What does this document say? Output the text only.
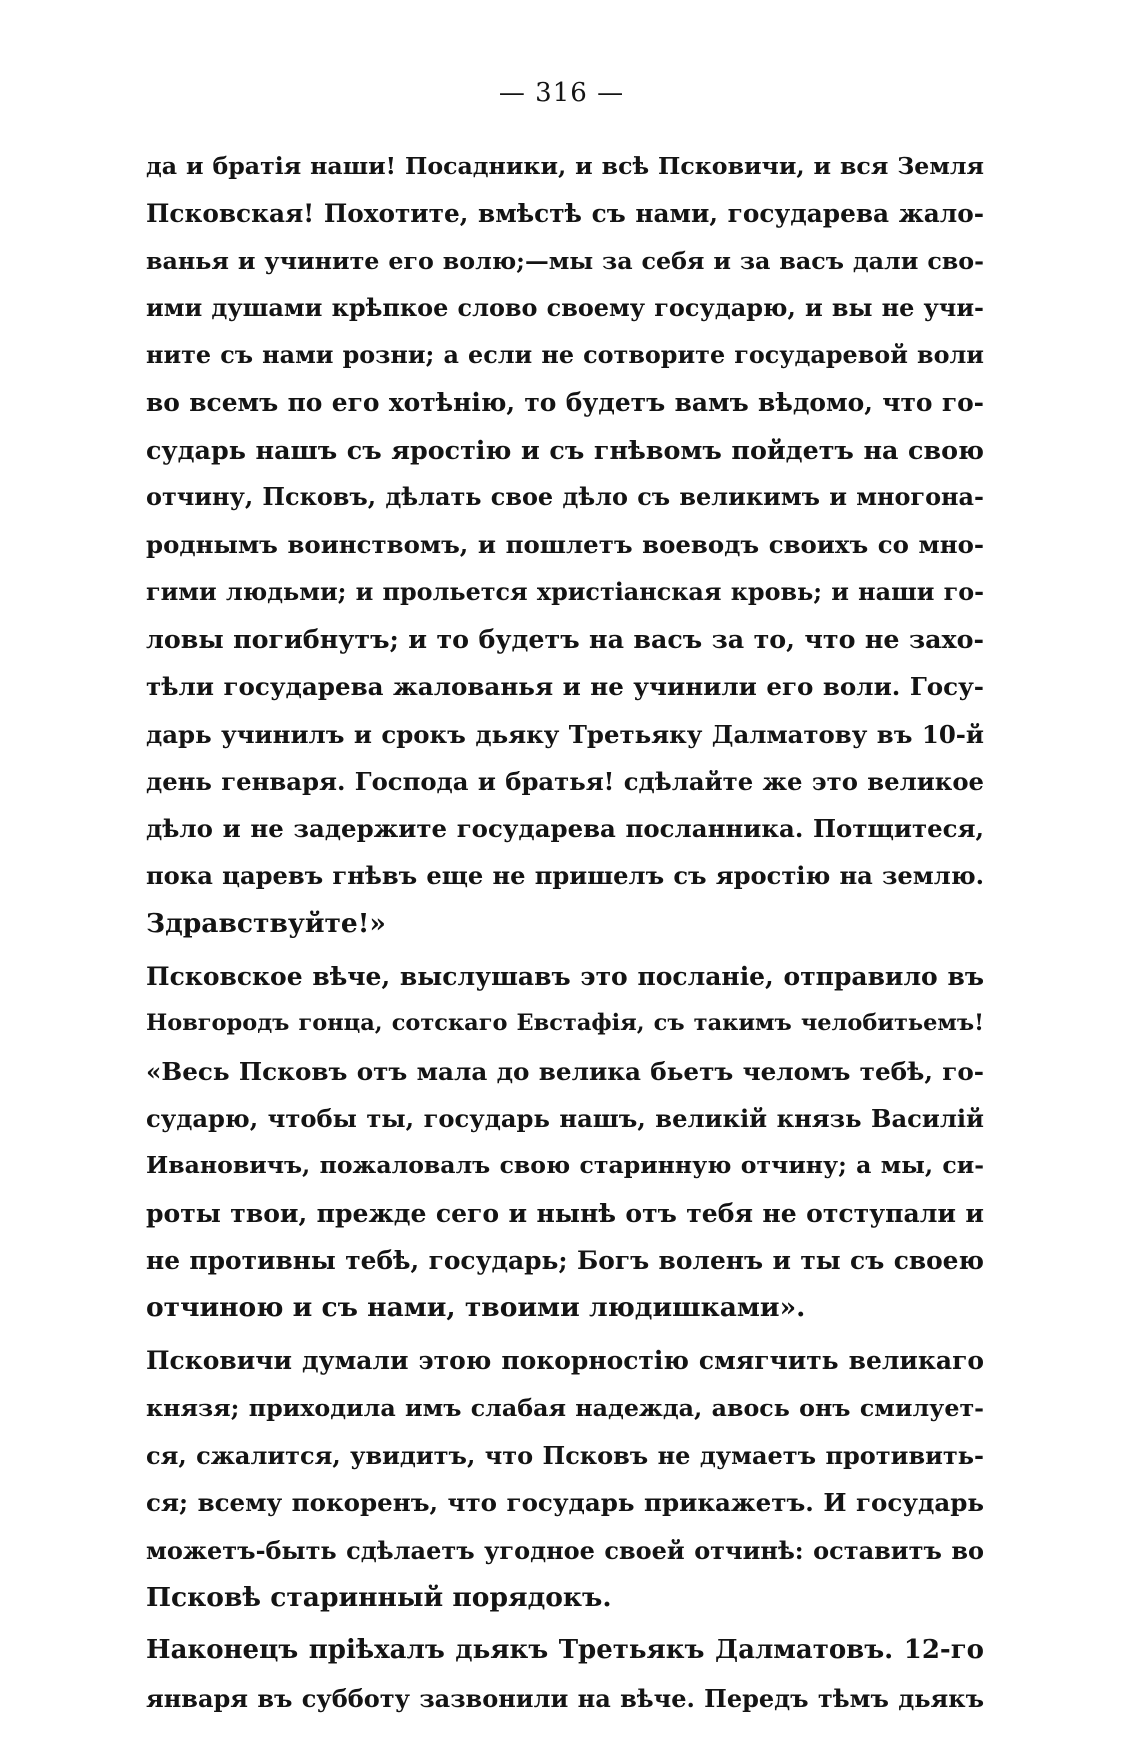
— 316 —
да и братія наши! Посадники, и всѣ Псковичи, и вся Земля
Псковская! Похотите, вмѣстѣ съ нами, государева жало-
ванья и учините его волю;—мы за себя и за васъ дали сво-
ими душами крѣпкое слово своему государю, и вы не учи-
ните съ нами розни; а если не сотворите государевой воли
во всемъ по его хотѣнію, то будетъ вамъ вѣдомо, что го-
сударь нашъ съ яростію и съ гнѣвомъ пойдетъ на свою
отчину, Псковъ, дѣлать свое дѣло съ великимъ и многона-
роднымъ воинствомъ, и пошлетъ воеводъ своихъ со мно-
гими людьми; и прольется христіанская кровь; и наши го-
ловы погибнутъ; и то будетъ на васъ за то, что не захо-
тѣли государева жалованья и не учинили его воли. Госу-
дарь учинилъ и срокъ дьяку Третьяку Далматову въ 10-й
день генваря. Господа и братья! сдѣлайте же это великое
дѣло и не задержите государева посланника. Потщитеся,
пока царевъ гнѣвъ еще не пришелъ съ яростію на землю.
Здравствуйте!»
Псковское вѣче, выслушавъ это посланіе, отправило въ
Новгородъ гонца, сотскаго Евстафія, съ такимъ челобитьемъ!
«Весь Псковъ отъ мала до велика бьетъ челомъ тебѣ, го-
сударю, чтобы ты, государь нашъ, великій князь Василій
Ивановичъ, пожаловалъ свою старинную отчину; а мы, си-
роты твои, прежде сего и нынѣ отъ тебя не отступали и
не противны тебѣ, государь; Богъ воленъ и ты съ своею
отчиною и съ нами, твоими людишками».
Псковичи думали этою покорностію смягчить великаго
князя; приходила имъ слабая надежда, авось онъ смилует-
ся, сжалится, увидитъ, что Псковъ не думаетъ противить-
ся; всему покоренъ, что государь прикажетъ. И государь
можетъ-быть сдѣлаетъ угодное своей отчинѣ: оставитъ во
Псковѣ старинный порядокъ.
Наконецъ пріѣхалъ дьякъ Третьякъ Далматовъ. 12-го
января въ субботу зазвонили на вѣче. Передъ тѣмъ дьякъ
